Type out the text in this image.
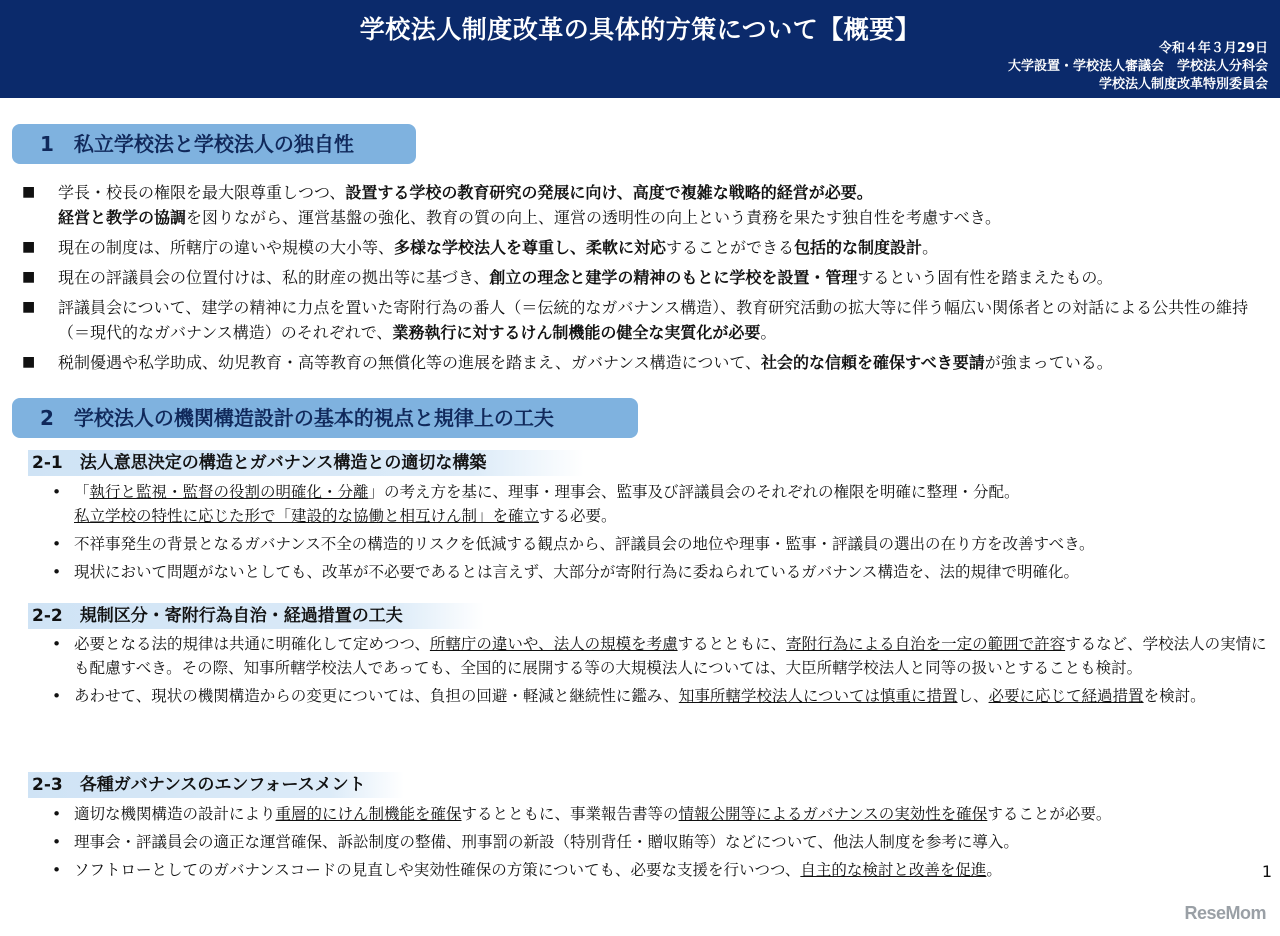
学校法人制度改革の具体的方策について【概要】
令和４年３月29日
大学設置・学校法人審議会　学校法人分科会
学校法人制度改革特別委員会
1　私立学校法と学校法人の独自性
■ 学長・校長の権限を最大限尊重しつつ、設置する学校の教育研究の発展に向け、高度で複雑な戦略的経営が必要。
経営と教学の協調を図りながら、運営基盤の強化、教育の質の向上、運営の透明性の向上という責務を果たす独自性を考慮すべき。
■ 現在の制度は、所轄庁の違いや規模の大小等、多様な学校法人を尊重し、柔軟に対応することができる包括的な制度設計。
■ 現在の評議員会の位置付けは、私的財産の拠出等に基づき、創立の理念と建学の精神のもとに学校を設置・管理するという固有性を踏まえたもの。
■ 評議員会について、建学の精神に力点を置いた寄附行為の番人（＝伝統的なガバナンス構造）、教育研究活動の拡大等に伴う幅広い関係者との対話による公共性の維持（＝現代的なガバナンス構造）のそれぞれで、業務執行に対するけん制機能の健全な実質化が必要。
■ 税制優遇や私学助成、幼児教育・高等教育の無償化等の進展を踏まえ、ガバナンス構造について、社会的な信頼を確保すべき要請が強まっている。
2　学校法人の機関構造設計の基本的視点と規律上の工夫
2-1　法人意思決定の構造とガバナンス構造との適切な構築
• 「執行と監視・監督の役割の明確化・分離」の考え方を基に、理事・理事会、監事及び評議員会のそれぞれの権限を明確に整理・分配。
私立学校の特性に応じた形で「建設的な協働と相互けん制」を確立する必要。
• 不祥事発生の背景となるガバナンス不全の構造的リスクを低減する観点から、評議員会の地位や理事・監事・評議員の選出の在り方を改善すべき。
• 現状において問題がないとしても、改革が不必要であるとは言えず、大部分が寄附行為に委ねられているガバナンス構造を、法的規律で明確化。
2-2　規制区分・寄附行為自治・経過措置の工夫
• 必要となる法的規律は共通に明確化して定めつつ、所轄庁の違いや、法人の規模を考慮するとともに、寄附行為による自治を一定の範囲で許容するなど、学校法人の実情にも配慮すべき。その際、知事所轄学校法人であっても、全国的に展開する等の大規模法人については、大臣所轄学校法人と同等の扱いとすることも検討。
• あわせて、現状の機関構造からの変更については、負担の回避・軽減と継続性に鑑み、知事所轄学校法人については慎重に措置し、必要に応じて経過措置を検討。
2-3　各種ガバナンスのエンフォースメント
• 適切な機関構造の設計により重層的にけん制機能を確保するとともに、事業報告書等の情報公開等によるガバナンスの実効性を確保することが必要。
• 理事会・評議員会の適正な運営確保、訴訟制度の整備、刑事罰の新設（特別背任・贈収賄等）などについて、他法人制度を参考に導入。
• ソフトローとしてのガバナンスコードの見直しや実効性確保の方策についても、必要な支援を行いつつ、自主的な検討と改善を促進。	1
ReseMom
